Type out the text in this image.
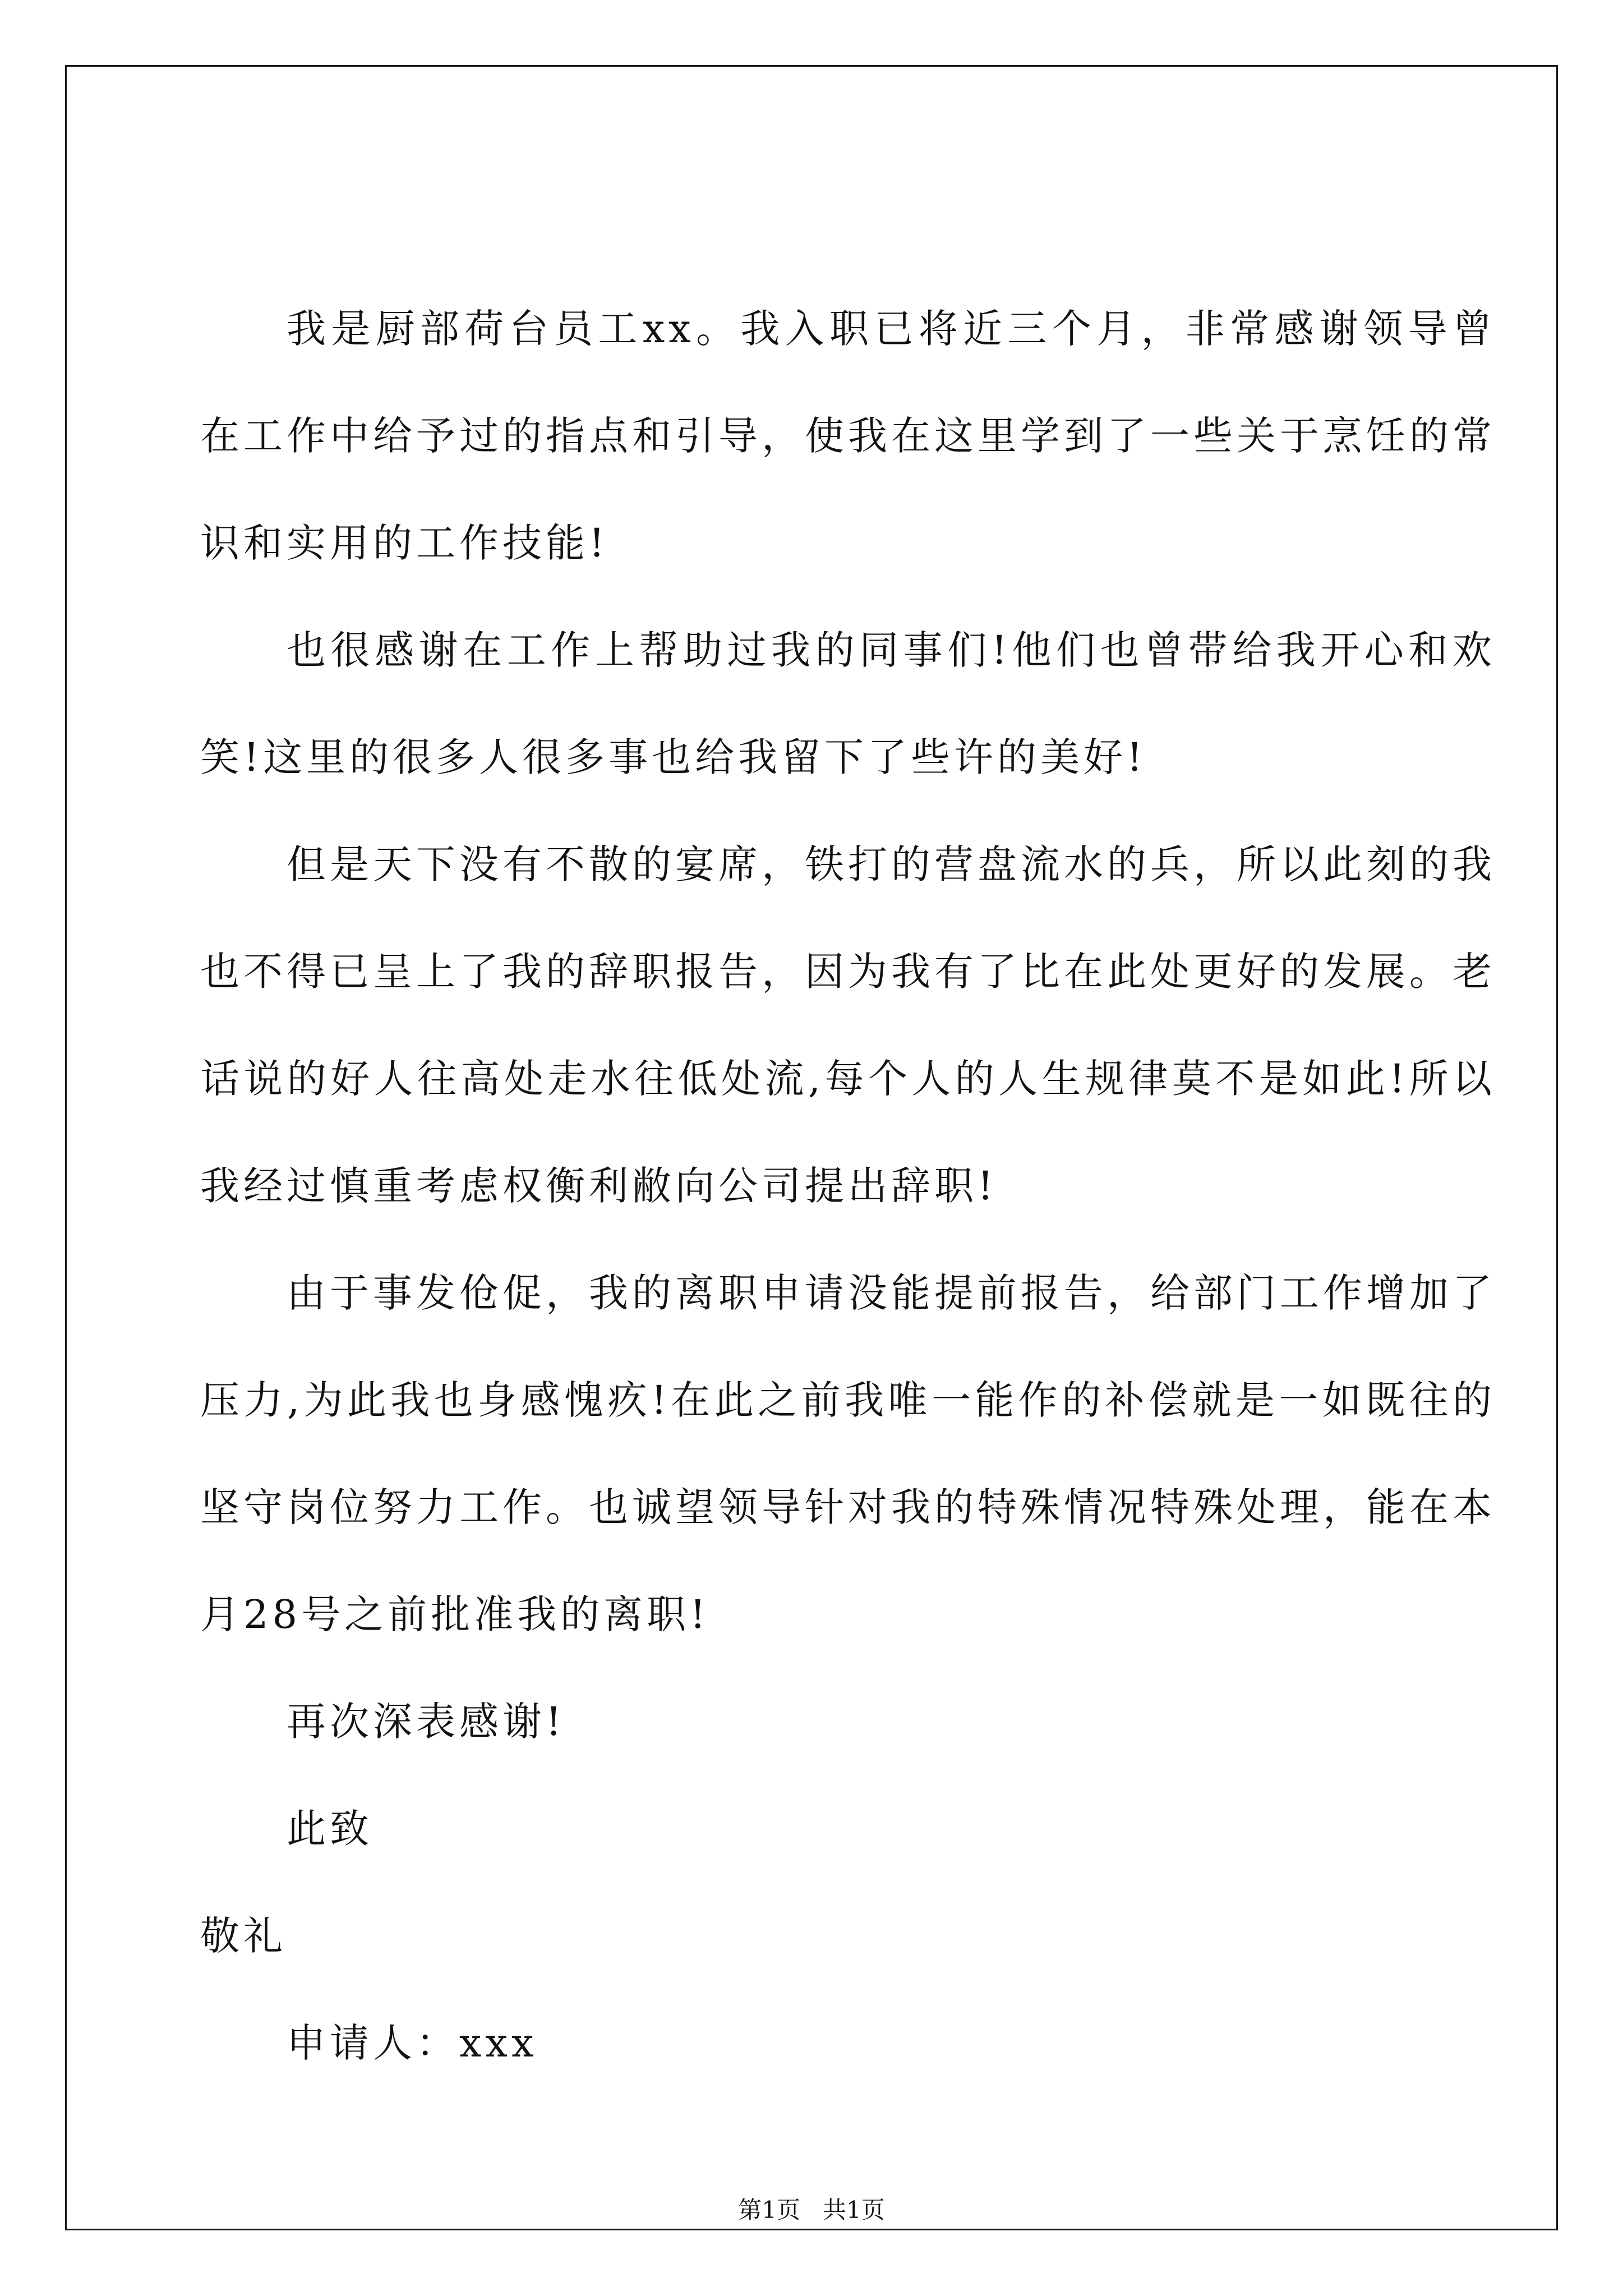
我是厨部荷台员工xx。我入职已将近三个月，非常感谢领导曾在工作中给予过的指点和引导，使我在这里学到了一些关于烹饪的常识和实用的工作技能!

也很感谢在工作上帮助过我的同事们!他们也曾带给我开心和欢笑!这里的很多人很多事也给我留下了些许的美好!

但是天下没有不散的宴席，铁打的营盘流水的兵，所以此刻的我也不得已呈上了我的辞职报告，因为我有了比在此处更好的发展。老话说的好人往高处走水往低处流,每个人的人生规律莫不是如此!所以我经过慎重考虑权衡利敝向公司提出辞职!

由于事发伧促，我的离职申请没能提前报告，给部门工作增加了压力,为此我也身感愧疚!在此之前我唯一能作的补偿就是一如既往的坚守岗位努力工作。也诚望领导针对我的特殊情况特殊处理，能在本月28号之前批准我的离职!

再次深表感谢!

此致

敬礼

申请人：xxx

第1页   共1页
